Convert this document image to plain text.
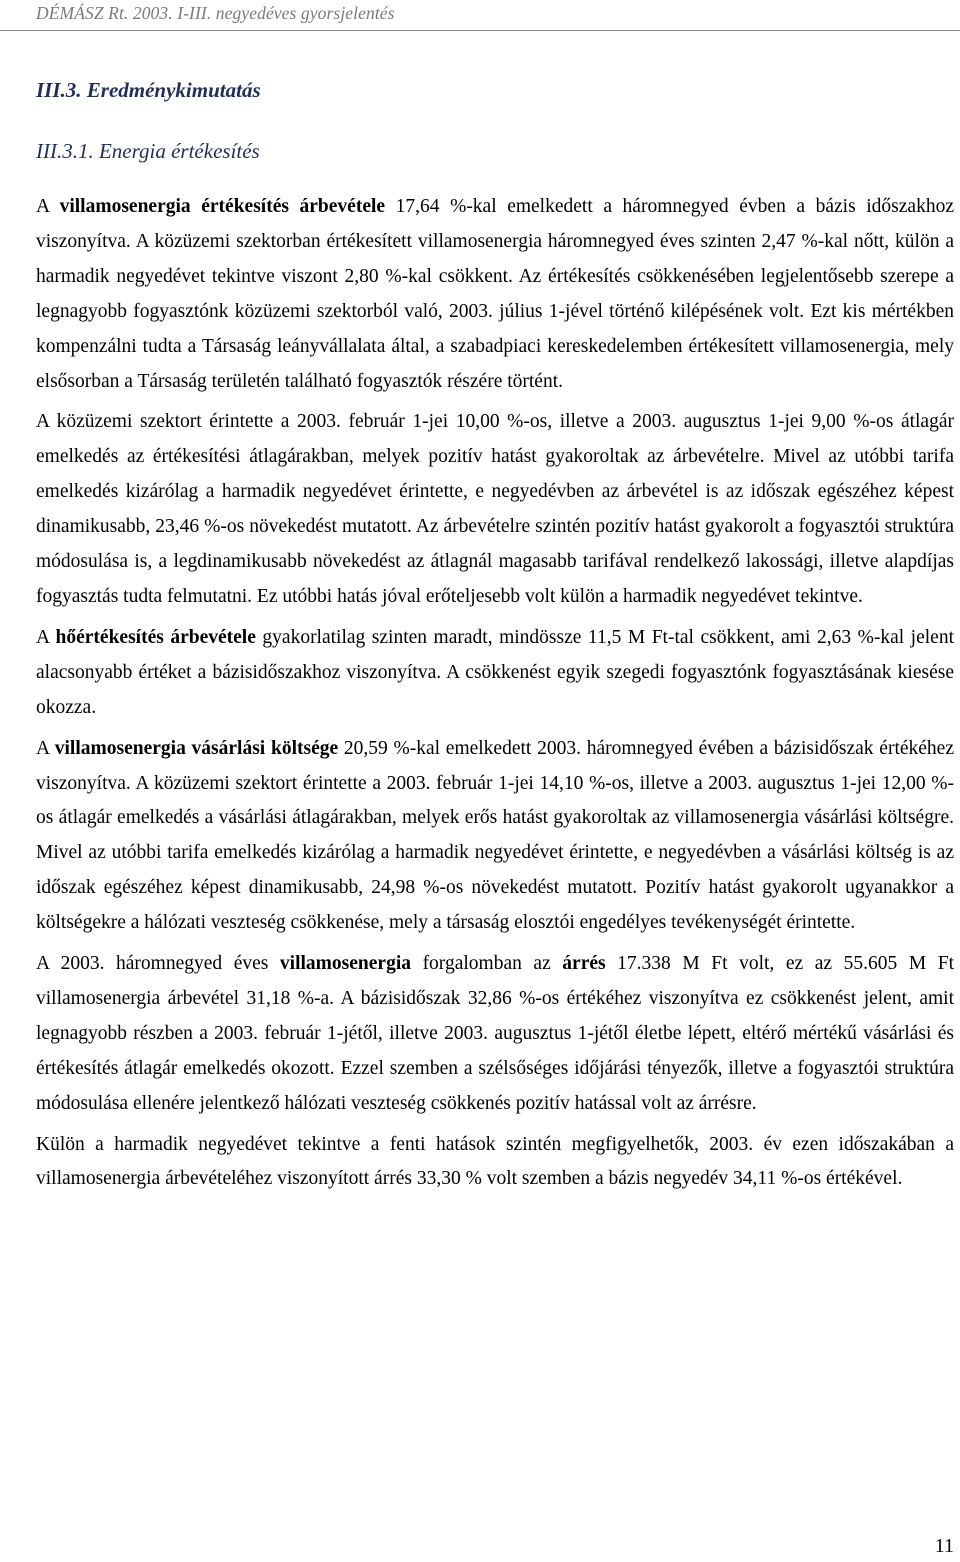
DÉMÁSZ Rt. 2003. I-III. negyedéves gyorsjelentés
III.3. Eredménykimutatás
III.3.1. Energia értékesítés

A villamosenergia értékesítés árbevétele 17,64 %-kal emelkedett a háromnegyed évben a bázis időszakhoz viszonyítva. A közüzemi szektorban értékesített villamosenergia háromnegyed éves szinten 2,47 %-kal nőtt, külön a harmadik negyedévet tekintve viszont 2,80 %-kal csökkent. Az értékesítés csökkenésében legjelentősebb szerepe a legnagyobb fogyasztónk közüzemi szektorból való, 2003. július 1-jével történő kilépésének volt. Ezt kis mértékben kompenzálni tudta a Társaság leányvállalata által, a szabadpiaci kereskedelemben értékesített villamosenergia, mely elsősorban a Társaság területén található fogyasztók részére történt.

A közüzemi szektort érintette a 2003. február 1-jei 10,00 %-os, illetve a 2003. augusztus 1-jei 9,00 %-os átlagár emelkedés az értékesítési átlagárakban, melyek pozitív hatást gyakoroltak az árbevételre. Mivel az utóbbi tarifa emelkedés kizárólag a harmadik negyedévet érintette, e negyedévben az árbevétel is az időszak egészéhez képest dinamikusabb, 23,46 %-os növekedést mutatott. Az árbevételre szintén pozitív hatást gyakorolt a fogyasztói struktúra módosulása is, a legdinamikusabb növekedést az átlagnál magasabb tarifával rendelkező lakossági, illetve alapdíjas fogyasztás tudta felmutatni. Ez utóbbi hatás jóval erőteljesebb volt külön a harmadik negyedévet tekintve.

A hőértékesítés árbevétele gyakorlatilag szinten maradt, mindössze 11,5 M Ft-tal csökkent, ami 2,63 %-kal jelent alacsonyabb értéket a bázisidőszakhoz viszonyítva. A csökkenést egyik szegedi fogyasztónk fogyasztásának kiesése okozza.

A villamosenergia vásárlási költsége 20,59 %-kal emelkedett 2003. háromnegyed évében a bázisidőszak értékéhez viszonyítva. A közüzemi szektort érintette a 2003. február 1-jei 14,10 %-os, illetve a 2003. augusztus 1-jei 12,00 %-os átlagár emelkedés a vásárlási átlagárakban, melyek erős hatást gyakoroltak az villamosenergia vásárlási költségre. Mivel az utóbbi tarifa emelkedés kizárólag a harmadik negyedévet érintette, e negyedévben a vásárlási költség is az időszak egészéhez képest dinamikusabb, 24,98 %-os növekedést mutatott. Pozitív hatást gyakorolt ugyanakkor a költségekre a hálózati veszteség csökkenése, mely a társaság elosztói engedélyes tevékenységét érintette.

A 2003. háromnegyed éves villamosenergia forgalomban az árrés 17.338 M Ft volt, ez az 55.605 M Ft villamosenergia árbevétel 31,18 %-a. A bázisidőszak 32,86 %-os értékéhez viszonyítva ez csökkenést jelent, amit legnagyobb részben a 2003. február 1-jétől, illetve 2003. augusztus 1-jétől életbe lépett, eltérő mértékű vásárlási és értékesítés átlagár emelkedés okozott. Ezzel szemben a szélsőséges időjárási tényezők, illetve a fogyasztói struktúra módosulása ellenére jelentkező hálózati veszteség csökkenés pozitív hatással volt az árrésre.

Külön a harmadik negyedévet tekintve a fenti hatások szintén megfigyelhetők, 2003. év ezen időszakában a villamosenergia árbevételéhez viszonyított árrés 33,30 % volt szemben a bázis negyedév 34,11 %-os értékével.

11
